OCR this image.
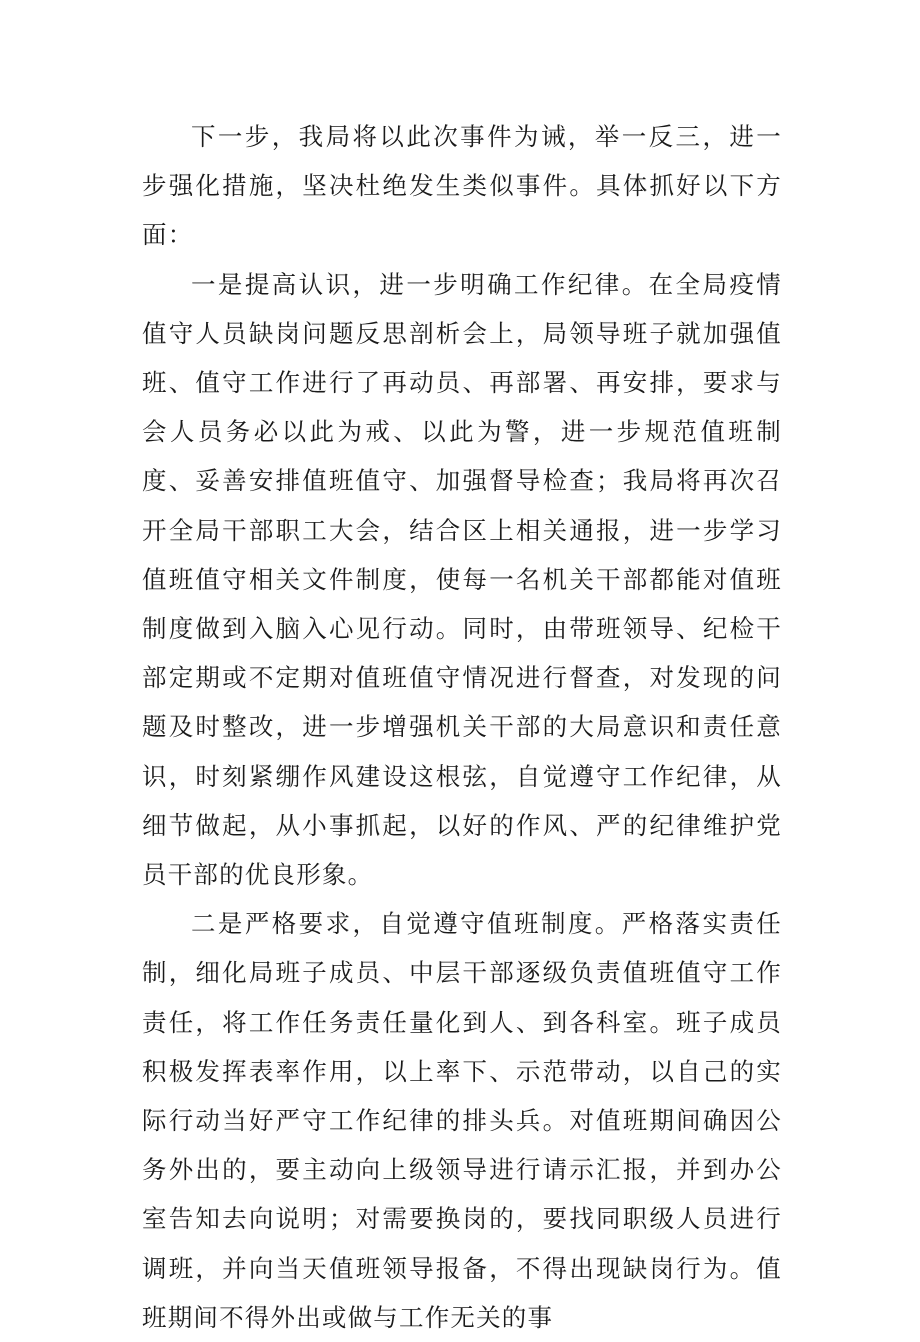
下一步，我局将以此次事件为诫，举一反三，进一步强化措施，坚决杜绝发生类似事件。具体抓好以下方面：

一是提高认识，进一步明确工作纪律。在全局疫情值守人员缺岗问题反思剖析会上，局领导班子就加强值班、值守工作进行了再动员、再部署、再安排，要求与会人员务必以此为戒、以此为警，进一步规范值班制度、妥善安排值班值守、加强督导检查；我局将再次召开全局干部职工大会，结合区上相关通报，进一步学习值班值守相关文件制度，使每一名机关干部都能对值班制度做到入脑入心见行动。同时，由带班领导、纪检干部定期或不定期对值班值守情况进行督查，对发现的问题及时整改，进一步增强机关干部的大局意识和责任意识，时刻紧绷作风建设这根弦，自觉遵守工作纪律，从细节做起，从小事抓起，以好的作风、严的纪律维护党员干部的优良形象。

二是严格要求，自觉遵守值班制度。严格落实责任制，细化局班子成员、中层干部逐级负责值班值守工作责任，将工作任务责任量化到人、到各科室。班子成员积极发挥表率作用，以上率下、示范带动，以自己的实际行动当好严守工作纪律的排头兵。对值班期间确因公务外出的，要主动向上级领导进行请示汇报，并到办公室告知去向说明；对需要换岗的，要找同职级人员进行调班，并向当天值班领导报备，不得出现缺岗行为。值班期间不得外出或做与工作无关的事
